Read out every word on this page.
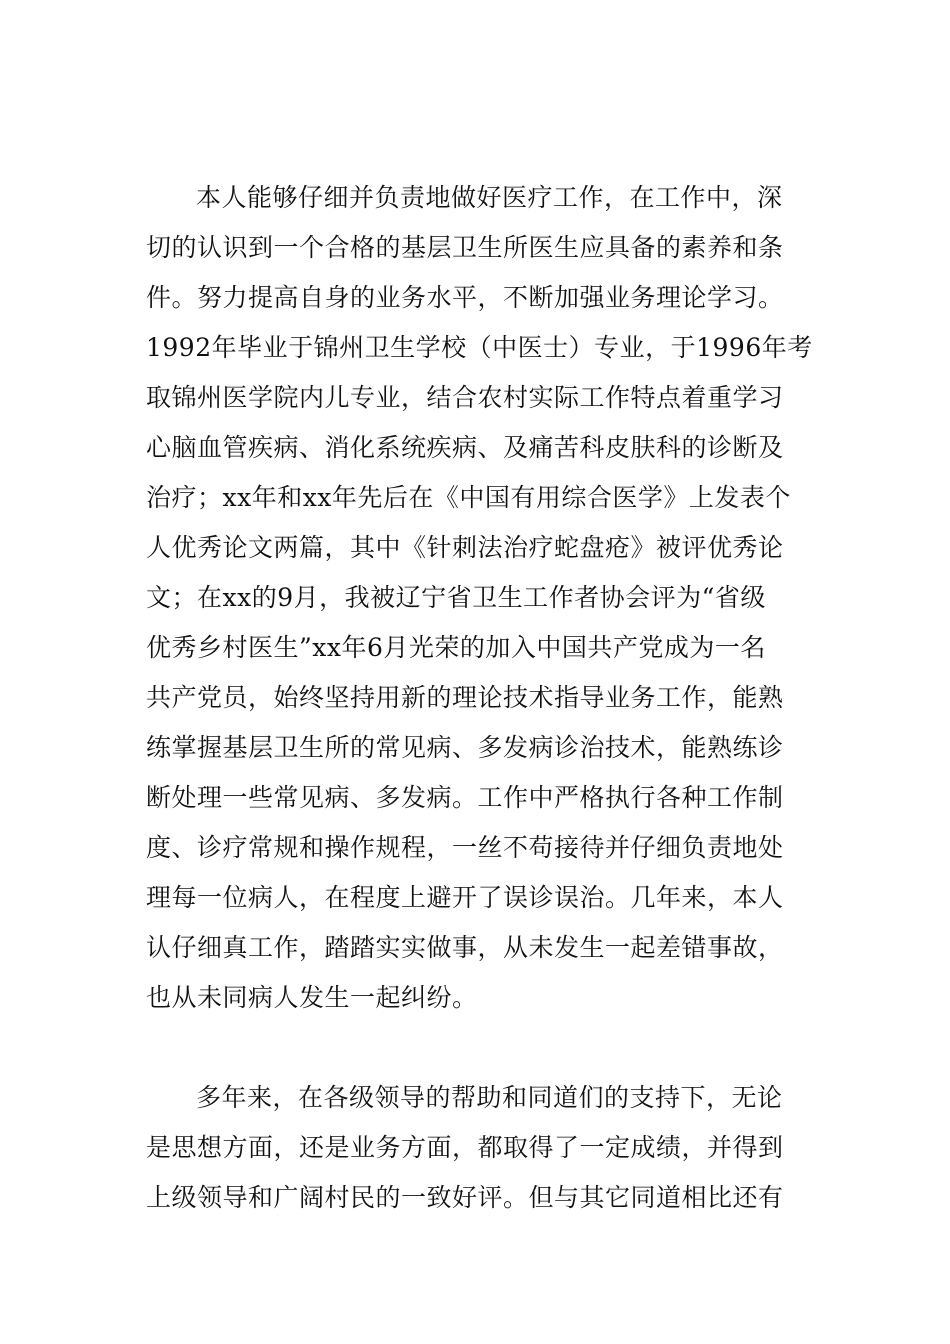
本人能够仔细并负责地做好医疗工作，在工作中，深
切的认识到一个合格的基层卫生所医生应具备的素养和条
件。努力提高自身的业务水平，不断加强业务理论学习。
1992年毕业于锦州卫生学校（中医士）专业，于1996年考
取锦州医学院内儿专业，结合农村实际工作特点着重学习
心脑血管疾病、消化系统疾病、及痛苦科皮肤科的诊断及
治疗；xx年和xx年先后在《中国有用综合医学》上发表个
人优秀论文两篇，其中《针刺法治疗蛇盘疮》被评优秀论
文；在xx的9月，我被辽宁省卫生工作者协会评为“省级
优秀乡村医生”xx年6月光荣的加入中国共产党成为一名
共产党员，始终坚持用新的理论技术指导业务工作，能熟
练掌握基层卫生所的常见病、多发病诊治技术，能熟练诊
断处理一些常见病、多发病。工作中严格执行各种工作制
度、诊疗常规和操作规程，一丝不苟接待并仔细负责地处
理每一位病人，在程度上避开了误诊误治。几年来，本人
认仔细真工作，踏踏实实做事，从未发生一起差错事故，
也从未同病人发生一起纠纷。
多年来，在各级领导的帮助和同道们的支持下，无论
是思想方面，还是业务方面，都取得了一定成绩，并得到
上级领导和广阔村民的一致好评。但与其它同道相比还有
